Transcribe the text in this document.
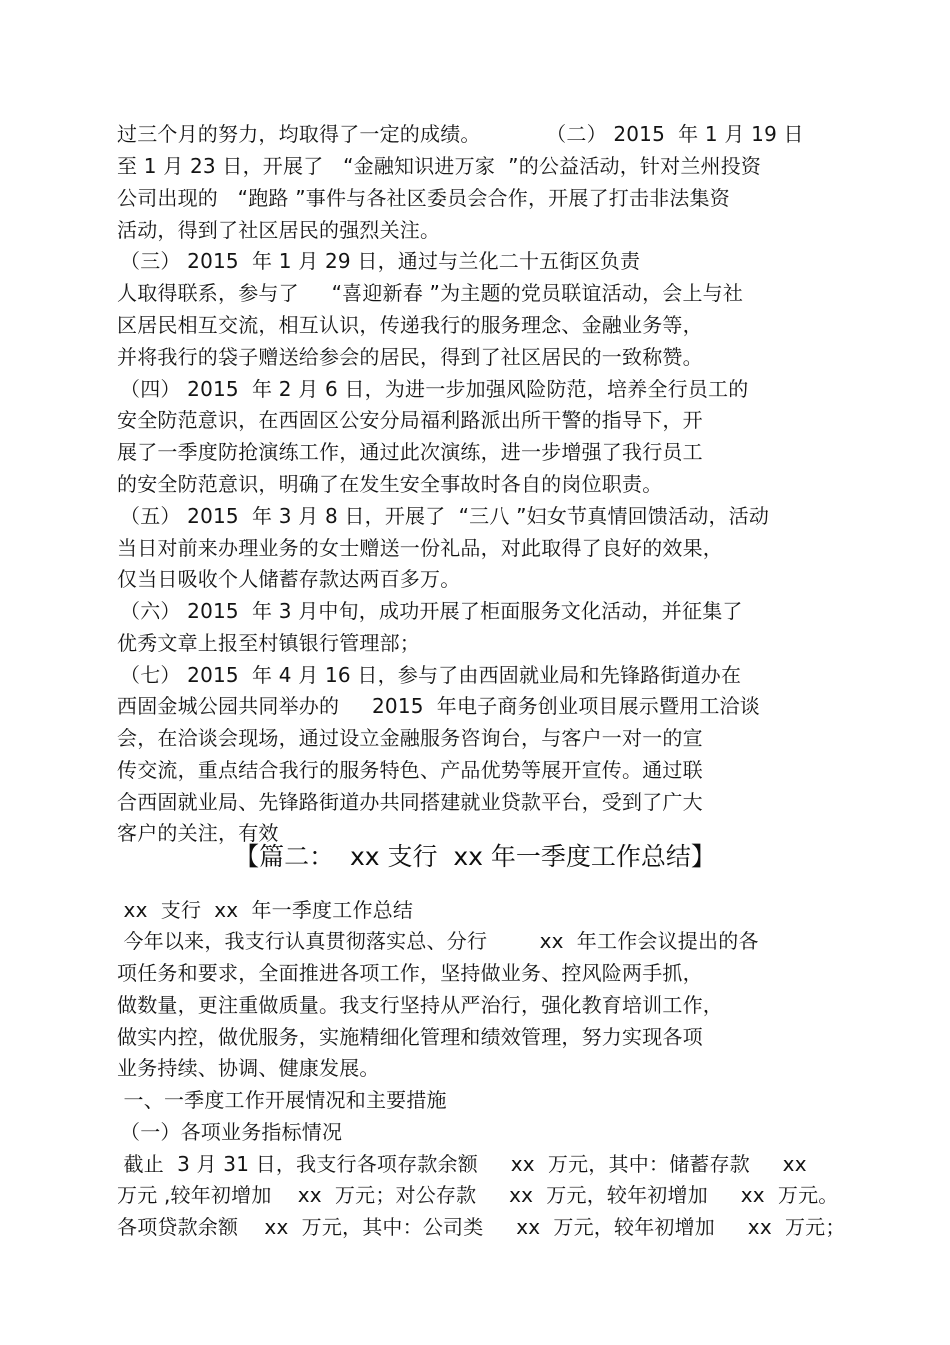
过三个月的努力，均取得了一定的成绩。          （二） 2015  年 1 月 19 日
至 1 月 23 日，开展了   “金融知识进万家  ”的公益活动，针对兰州投资
公司出现的   “跑路 ”事件与各社区委员会合作，开展了打击非法集资
活动，得到了社区居民的强烈关注。
（三） 2015  年 1 月 29 日，通过与兰化二十五街区负责
人取得联系，参与了     “喜迎新春 ”为主题的党员联谊活动，会上与社
区居民相互交流，相互认识，传递我行的服务理念、金融业务等，
并将我行的袋子赠送给参会的居民，得到了社区居民的一致称赞。
（四） 2015  年 2 月 6 日，为进一步加强风险防范，培养全行员工的
安全防范意识，在西固区公安分局福利路派出所干警的指导下，开
展了一季度防抢演练工作，通过此次演练，进一步增强了我行员工
的安全防范意识，明确了在发生安全事故时各自的岗位职责。
（五） 2015  年 3 月 8 日，开展了  “三八 ”妇女节真情回馈活动，活动
当日对前来办理业务的女士赠送一份礼品，对此取得了良好的效果，
仅当日吸收个人储蓄存款达两百多万。
（六） 2015  年 3 月中旬，成功开展了柜面服务文化活动，并征集了
优秀文章上报至村镇银行管理部；
（七） 2015  年 4 月 16 日，参与了由西固就业局和先锋路街道办在
西固金城公园共同举办的     2015  年电子商务创业项目展示暨用工洽谈
会，在洽谈会现场，通过设立金融服务咨询台，与客户一对一的宣
传交流，重点结合我行的服务特色、产品优势等展开宣传。通过联
合西固就业局、先锋路街道办共同搭建就业贷款平台，受到了广大
客户的关注，有效
【篇二：  xx 支行  xx 年一季度工作总结】
xx  支行  xx  年一季度工作总结
今年以来，我支行认真贯彻落实总、分行        xx  年工作会议提出的各
项任务和要求，全面推进各项工作，坚持做业务、控风险两手抓，
做数量，更注重做质量。我支行坚持从严治行，强化教育培训工作，
做实内控，做优服务，实施精细化管理和绩效管理，努力实现各项
业务持续、协调、健康发展。
一、一季度工作开展情况和主要措施
（一）各项业务指标情况
截止  3 月 31 日，我支行各项存款余额     xx  万元，其中：储蓄存款     xx
万元 ,较年初增加    xx  万元；对公存款     xx  万元，较年初增加     xx  万元。
各项贷款余额    xx  万元，其中：公司类     xx  万元，较年初增加     xx  万元；
